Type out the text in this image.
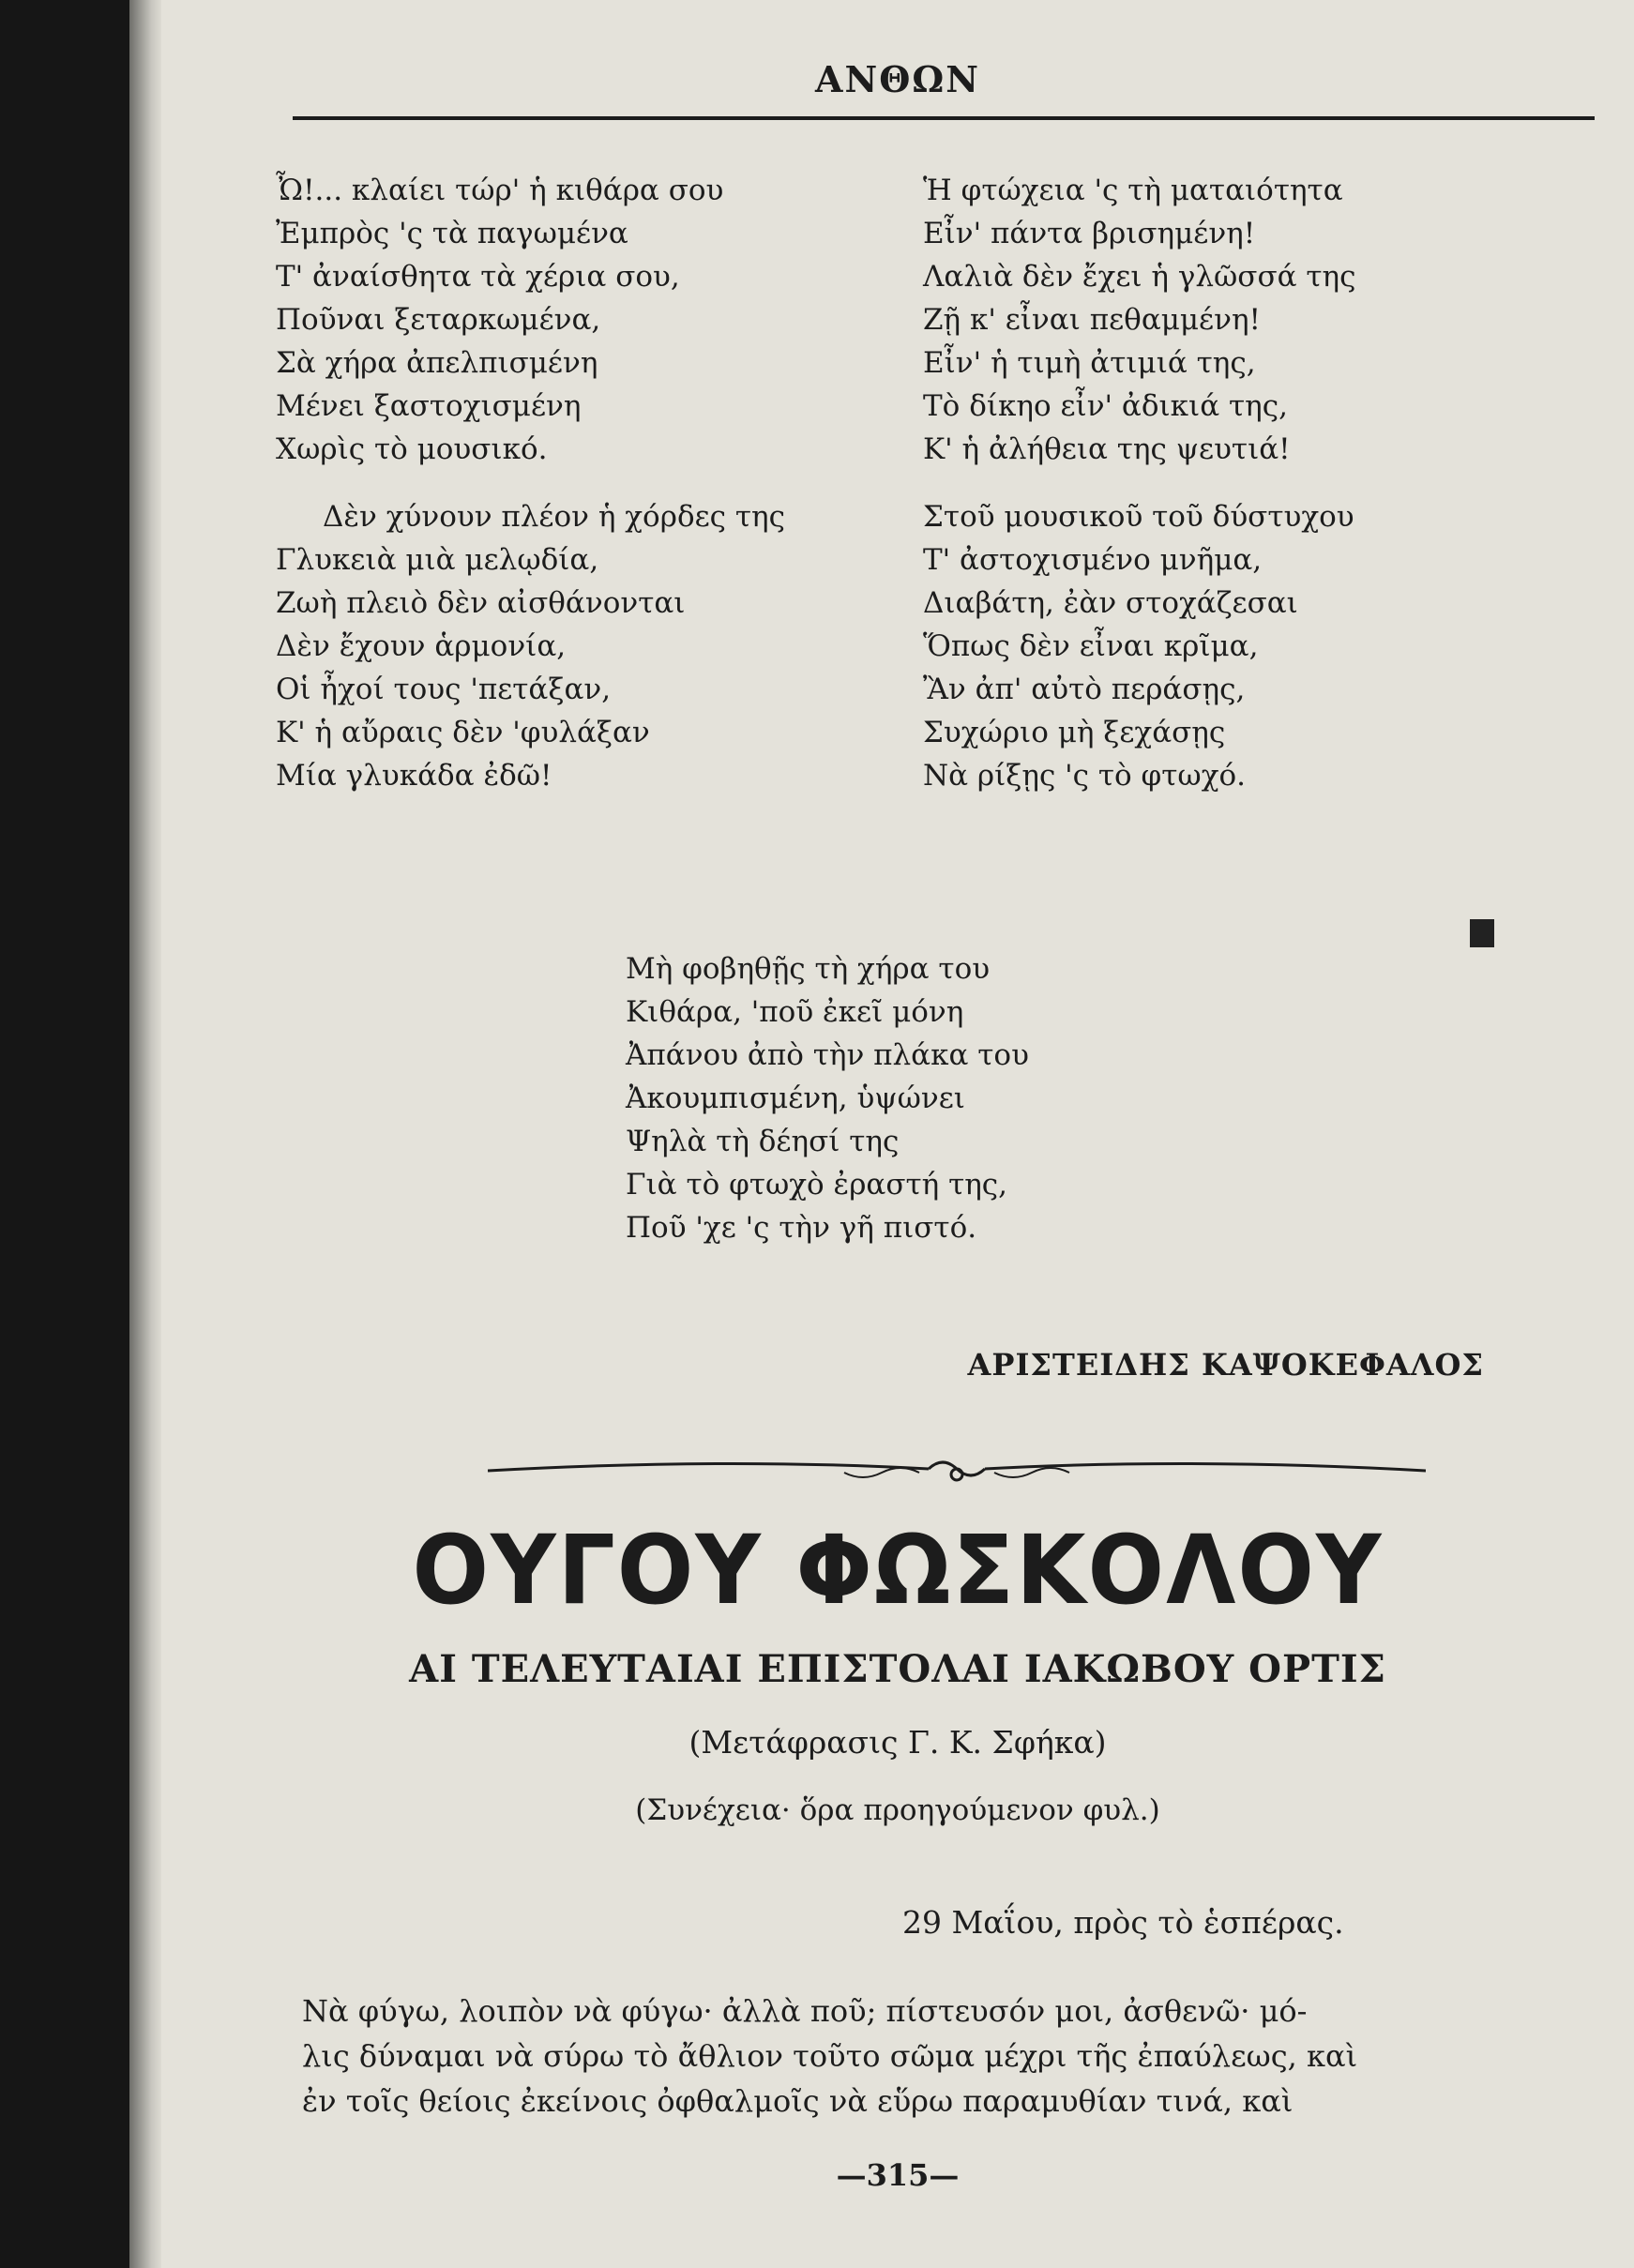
ΑΝΘΩΝ
Ὦ!... κλαίει τώρ' ἡ κιθάρα σου
Ἐμπρὸς 'ς τὰ παγωμένα
Τ' ἀναίσθητα τὰ χέρια σου,
Ποῦναι ξεταρκωμένα,
Σὰ χήρα ἀπελπισμένη
Μένει ξαστοχισμένη
Χωρὶς τὸ μουσικό.
Δὲν χύνουν πλέον ἡ χόρδες της
Γλυκειὰ μιὰ μελῳδία,
Ζωὴ πλειὸ δὲν αἰσθάνονται
Δὲν ἔχουν ἁρμονία,
Οἱ ἦχοί τους 'πετάξαν,
Κ' ἡ αὔραις δὲν 'φυλάξαν
Μία γλυκάδα ἐδῶ!
Ἡ φτώχεια 'ς τὴ ματαιότητα
Εἶν' πάντα βρισημένη!
Λαλιὰ δὲν ἔχει ἡ γλῶσσά της
Ζῇ κ' εἶναι πεθαμμένη!
Εἶν' ἡ τιμὴ ἀτιμιά της,
Τὸ δίκηο εἶν' ἀδικιά της,
Κ' ἡ ἀλήθεια της ψευτιά!
Στοῦ μουσικοῦ τοῦ δύστυχου
Τ' ἀστοχισμένο μνῆμα,
Διαβάτη, ἐὰν στοχάζεσαι
Ὅπως δὲν εἶναι κρῖμα,
Ἂν ἀπ' αὐτὸ περάσῃς,
Συχώριο μὴ ξεχάσῃς
Νὰ ρίξῃς 'ς τὸ φτωχό.
Μὴ φοβηθῇς τὴ χήρα του
Κιθάρα, 'ποῦ ἐκεῖ μόνη
Ἀπάνου ἀπὸ τὴν πλάκα του
Ἀκουμπισμένη, ὑψώνει
Ψηλὰ τὴ δέησί της
Γιὰ τὸ φτωχὸ ἐραστή της,
Ποῦ 'χε 'ς τὴν γῆ πιστό.
ΑΡΙΣΤΕΙΔΗΣ ΚΑΨΟΚΕΦΑΛΟΣ
ΟΥΓΟΥ ΦΩΣΚΟΛΟΥ
ΑΙ ΤΕΛΕΥΤΑΙΑΙ ΕΠΙΣΤΟΛΑΙ ΙΑΚΩΒΟΥ ΟΡΤΙΣ
(Μετάφρασις Γ. Κ. Σφήκα)
(Συνέχεια· ὅρα προηγούμενον φυλ.)
29 Μαΐου, πρὸς τὸ ἑσπέρας.
Νὰ φύγω, λοιπὸν νὰ φύγω· ἀλλὰ ποῦ; πίστευσόν μοι, ἀσθενῶ· μό-
λις δύναμαι νὰ σύρω τὸ ἄθλιον τοῦτο σῶμα μέχρι τῆς ἐπαύλεως, καὶ
ἐν τοῖς θείοις ἐκείνοις ὀφθαλμοῖς νὰ εὕρω παραμυθίαν τινά, καὶ
—315—
